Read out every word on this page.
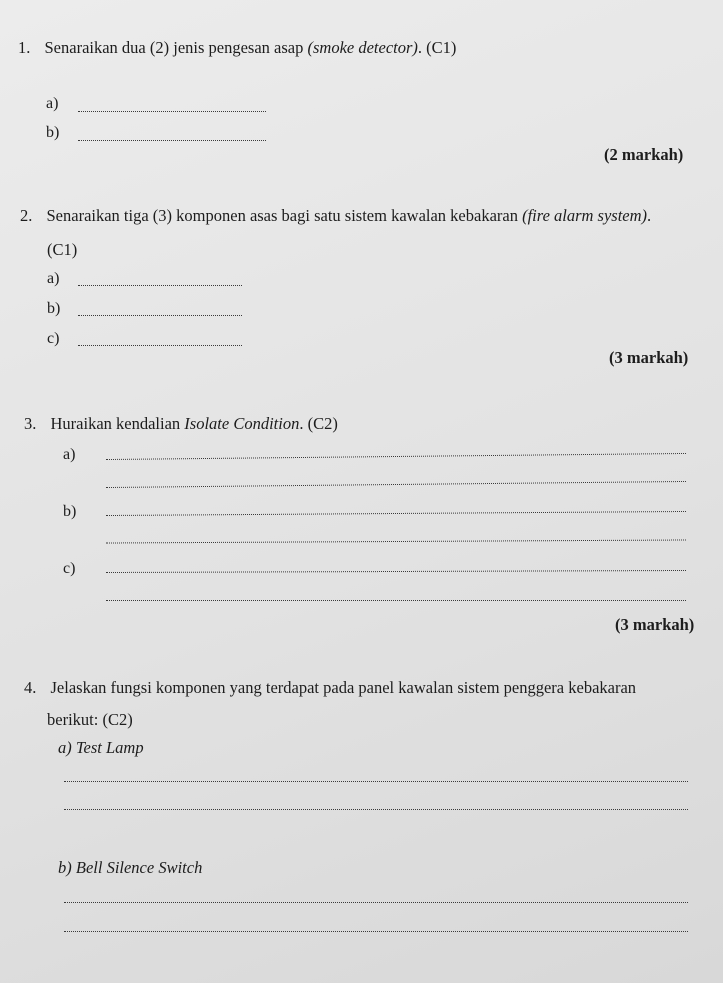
1. Senaraikan dua (2) jenis pengesan asap (smoke detector). (C1)
a)
b)
(2 markah)
2. Senaraikan tiga (3) komponen asas bagi satu sistem kawalan kebakaran (fire alarm system).
(C1)
a)
b)
c)
(3 markah)
3. Huraikan kendalian Isolate Condition. (C2)
a)
b)
c)
(3 markah)
4. Jelaskan fungsi komponen yang terdapat pada panel kawalan sistem penggera kebakaran
berikut: (C2)
a) Test Lamp
b) Bell Silence Switch
